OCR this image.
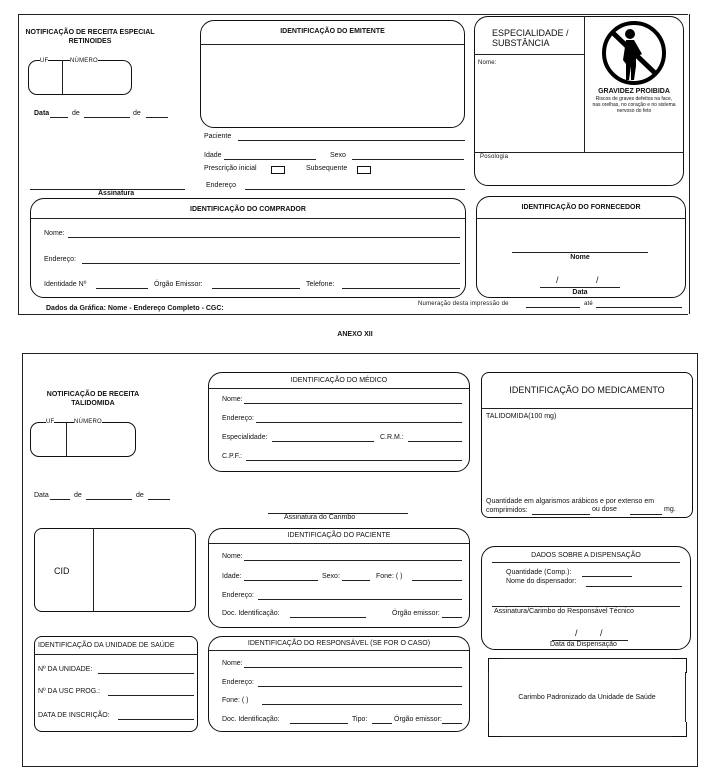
NOTIFICAÇÃO DE RECEITA ESPECIAL RETINOIDES
UF	NÚMERO
Data	de	de
IDENTIFICAÇÃO DO EMITENTE
Paciente
Idade	Sexo
Prescrição inicial	Subsequente
Endereço
Assinatura
ESPECIALIDADE / SUBSTÂNCIA
Nome:
Posologia
GRAVIDEZ PROIBIDA
Riscos de graves defeitos na face, nas orelhas, no coração e no sistema nervoso do feto
IDENTIFICAÇÃO DO COMPRADOR
Nome:
Endereço:
Identidade Nº	Órgão Emissor:	Telefone:
IDENTIFICAÇÃO DO FORNECEDOR
Nome
/	/
Data
Dados da Gráfica: Nome - Endereço Completo - CGC:
Numeração desta impressão de	até
ANEXO XII
NOTIFICAÇÃO DE RECEITA TALIDOMIDA
UF	NÚMERO
Data	de	de
IDENTIFICAÇÃO DO MÉDICO
Nome:
Endereço:
Especialidade:	C.R.M.:
C.P.F.:
Assinatura do Carimbo
IDENTIFICAÇÃO DO MEDICAMENTO
TALIDOMIDA(100 mg)
Quantidade em algarismos arábicos e por extenso em comprimidos:	ou dose	mg.
CID
IDENTIFICAÇÃO DO PACIENTE
Nome:
Idade:	Sexo:	Fone: ( )
Endereço:
Doc. Identificação:	Órgão emissor:
DADOS SOBRE A DISPENSAÇÃO
Quantidade (Comp.):
Nome do dispensador:
Assinatura/Carimbo do Responsável Técnico
/ /
Data da Dispensação
IDENTIFICAÇÃO DA UNIDADE DE SAÚDE
Nº DA UNIDADE:
Nº DA USC PROG.:
DATA DE INSCRIÇÃO:
IDENTIFICAÇÃO DO RESPONSÁVEL (SE FOR O CASO)
Nome:
Endereço:
Fone: ( )
Doc. Identificação:	Tipo:	Órgão emissor:
Carimbo Padronizado da Unidade de Saúde
